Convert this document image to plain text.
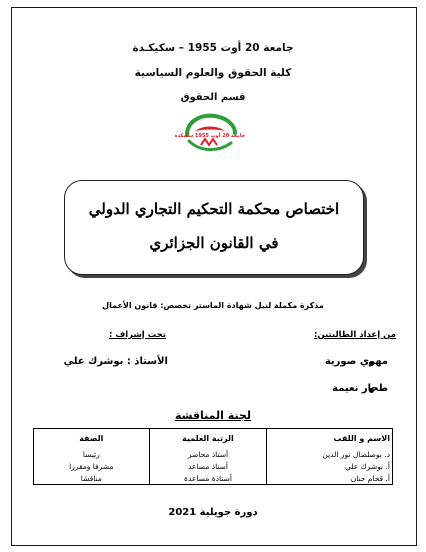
جامعة 20 أوت 1955 – سكيكـدة
كلية الحقوق والعلوم السياسية
قسم الحقوق
جامعة 20 أوت 1955 سكيكدة
اختصاص محكمة التحكيم التجاري الدولي
في القانون الجزائري
مذكرة مكملة لنيل شهادة الماستر تخصص: قانون الأعمال
من إعداد الطالبتين:
تحت إشراف :
مهري صورية
طحار نعيمة
الأستاذ : بوشرك علي
لجنة المناقشة
الاسم و اللقب	الرتبة العلمية	الصفة
د. بوصلصال نور الدين	أستاذ محاضر	رئيسا
أ. بوشرك علي	أستاذ مساعد	مشرفا ومقررا
أ. قحام حنان	أستاذة مساعدة	مناقشا
دورة جويلية 2021
